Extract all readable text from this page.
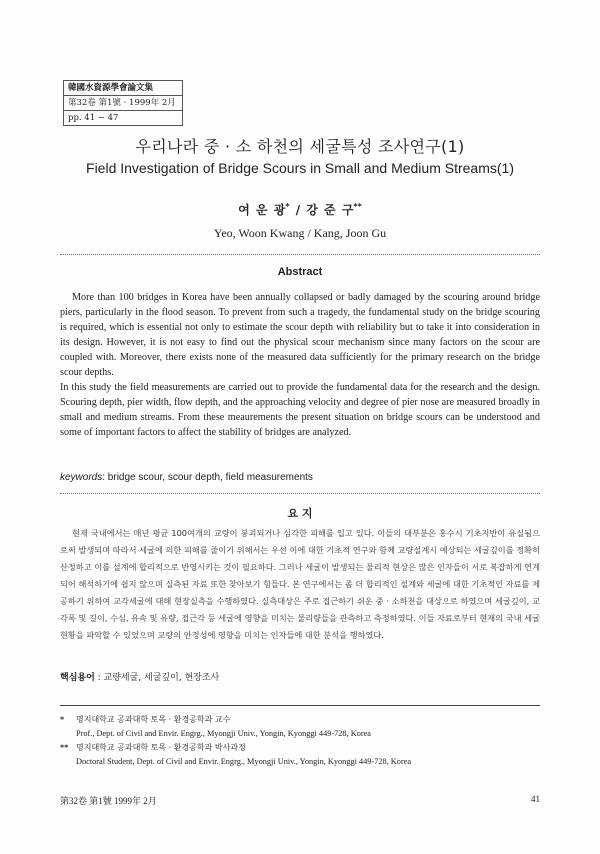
韓國水資源學會論文集
第32卷 第1號 · 1999年 2月
pp. 41 ~ 47
우리나라 중 · 소 하천의 세굴특성 조사연구(1)
Field Investigation of Bridge Scours in Small and Medium Streams(1)
여 운 광* / 강 준 구**
Yeo, Woon Kwang / Kang, Joon Gu
Abstract

More than 100 bridges in Korea have been annually collapsed or badly damaged by the scouring around bridge piers, particularly in the flood season. To prevent from such a tragedy, the fundamental study on the bridge scouring is required, which is essential not only to estimate the scour depth with reliability but to take it into consideration in its design. However, it is not easy to find out the physical scour mechanism since many factors on the scour are coupled with. Moreover, there exists none of the measured data sufficiently for the primary research on the bridge scour depths.

In this study the field measurements are carried out to provide the fundamental data for the research and the design. Scouring depth, pier width, flow depth, and the approaching velocity and degree of pier nose are measured broadly in small and medium streams. From these meaurements the present situation on bridge scours can be understood and some of important factors to affect the stability of bridges are analyzed.

keywords: bridge scour, scour depth, field measurements
요 지

현재 국내에서는 매년 평균 100여개의 교량이 붕괴되거나 심각한 피해를 입고 있다. 이들의 대부분은 홍수시 기초지반이 유실됨으로써 발생되며 따라서 세굴에 의한 피해를 줄이기 위해서는 우선 이에 대한 기초적 연구와 함께 교량설계시 예상되는 세굴깊이를 정확히 산정하고 이를 설계에 합리적으로 반영시키는 것이 필요하다. 그러나 세굴이 발생되는 물리적 현상은 많은 인자들이 서로 복잡하게 연계되어 해석하기에 쉽지 않으며 실측된 자료 또한 찾아보기 힘들다. 본 연구에서는 좀 더 합리적인 설계와 세굴에 대한 기초적인 자료를 제공하기 위하여 교각세굴에 대해 현장실측을 수행하였다. 실측대상은 주로 접근하기 쉬운 중 · 소하천을 대상으로 하였으며 세굴깊이, 교각폭 및 길이, 수심, 유속 및 유량, 접근각 등 세굴에 영향을 미치는 물리량들을 관측하고 측정하였다. 이들 자료로부터 현재의 국내 세굴현황을 파악할 수 있었으며 교량의 안정성에 영향을 미치는 인자들에 대한 분석을 행하였다.

핵심용어 : 교량세굴, 세굴깊이, 현장조사
*	명지대학교 공과대학 토목 · 환경공학과 교수
Prof., Dept. of Civil and Envir. Engrg., Myongji Univ., Yongin, Kyonggi 449-728, Korea
** 명지대학교 공과대학 토목 · 환경공학과 박사과정
Doctoral Student, Dept. of Civil and Envir. Engrg., Myongji Univ., Yongin, Kyonggi 449-728, Korea
第32卷 第1號 1999年 2月	41
